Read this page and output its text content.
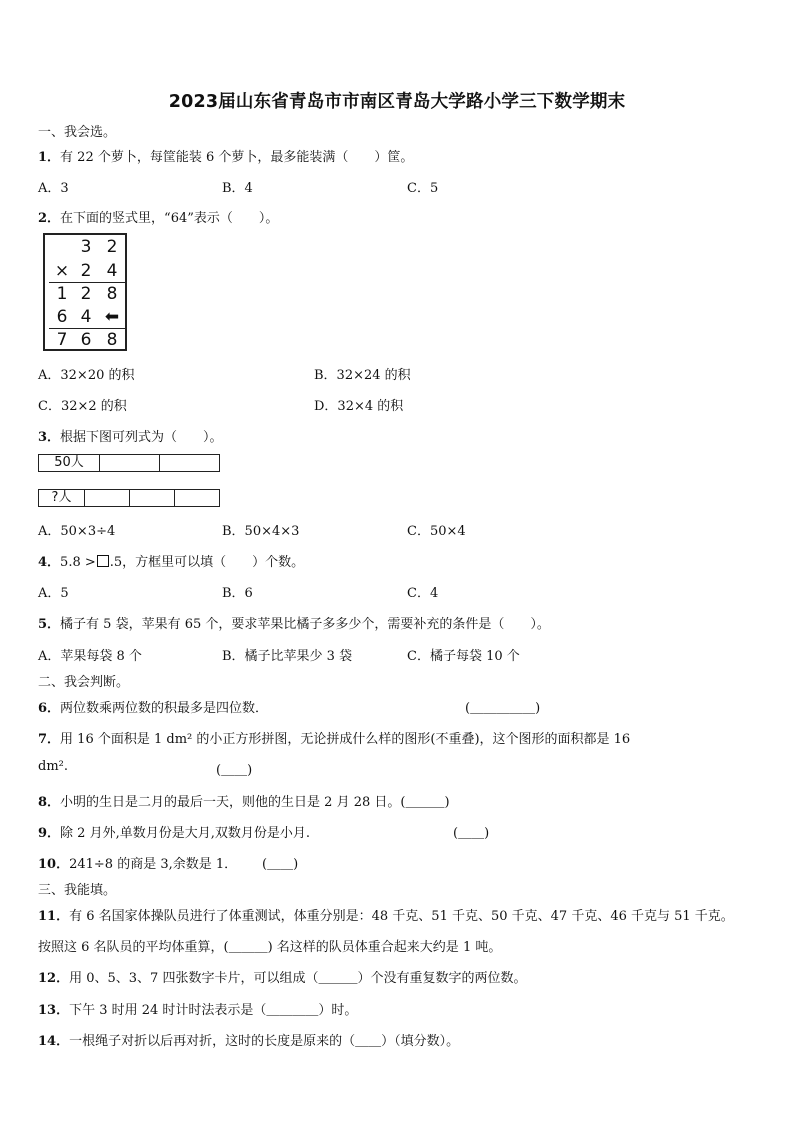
2023届山东省青岛市市南区青岛大学路小学三下数学期末
一、我会选。
1．有 22 个萝卜，每筐能装 6 个萝卜，最多能装满（　　）筐。
A．3	B．4	C．5
2．在下面的竖式里，“64”表示（　　）。
3 2
× 2 4
1 2 8
6 4 ⬅
7 6 8
A．32×20 的积	B．32×24 的积
C．32×2 的积	D．32×4 的积
3．根据下图可列式为（　　）。
50人
?人
A．50×3÷4	B．50×4×3	C．50×4
4．5.8 > .5，方框里可以填（　　）个数。
A．5	B．6	C．4
5．橘子有 5 袋，苹果有 65 个，要求苹果比橘子多多少个，需要补充的条件是（　　）。
A．苹果每袋 8 个	B．橘子比苹果少 3 袋	C．橘子每袋 10 个
二、我会判断。
6．两位数乘两位数的积最多是四位数．	(＿＿＿＿＿)
7．用 16 个面积是 1 dm² 的小正方形拼图，无论拼成什么样的图形(不重叠)，这个图形的面积都是 16
dm².	(＿＿)
8．小明的生日是二月的最后一天，则他的生日是 2 月 28 日。(＿＿＿)
9．除 2 月外,单数月份是大月,双数月份是小月.	(＿＿)
10．241÷8 的商是 3,余数是 1． (＿＿)
三、我能填。
11．有 6 名国家体操队员进行了体重测试，体重分别是：48 千克、51 千克、50 千克、47 千克、46 千克与 51 千克。
按照这 6 名队员的平均体重算，(＿＿＿) 名这样的队员体重合起来大约是 1 吨。
12．用 0、5、3、7 四张数字卡片，可以组成（＿＿＿）个没有重复数字的两位数。
13．下午 3 时用 24 时计时法表示是（＿＿＿＿）时。
14．一根绳子对折以后再对折，这时的长度是原来的（＿＿）（填分数）。
